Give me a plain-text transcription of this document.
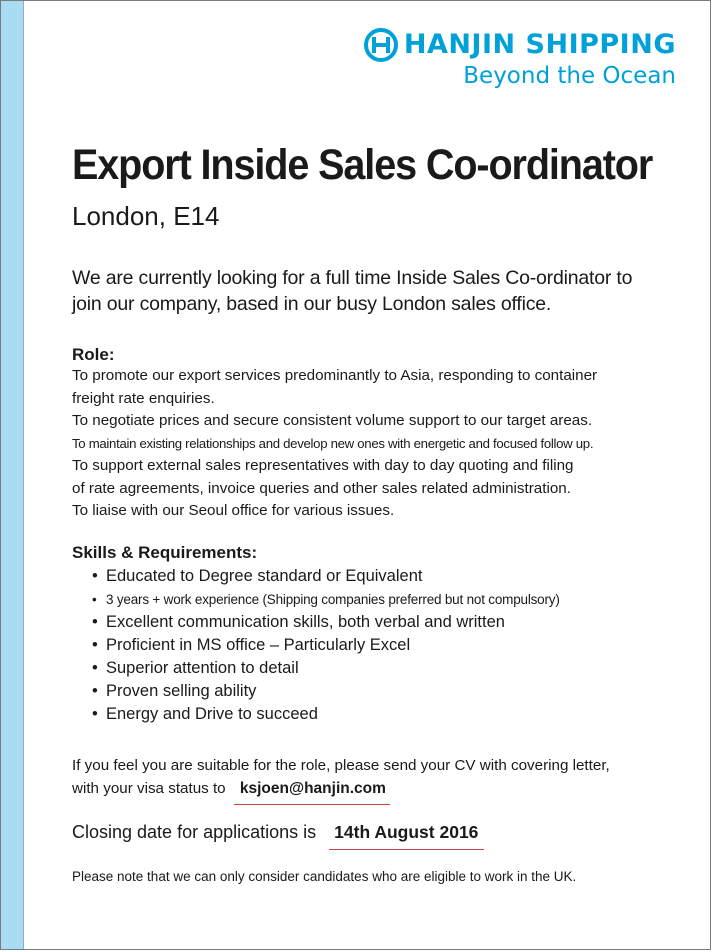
HANJIN SHIPPING
Beyond the Ocean
Export Inside Sales Co-ordinator
London, E14
We are currently looking for a full time Inside Sales Co-ordinator to
join our company, based in our busy London sales office.
Role:
To promote our export services predominantly to Asia, responding to container
freight rate enquiries.
To negotiate prices and secure consistent volume support to our target areas.
To maintain existing relationships and develop new ones with energetic and focused follow up.
To support external sales representatives with day to day quoting and filing
of rate agreements, invoice queries and other sales related administration.
To liaise with our Seoul office for various issues.
Skills & Requirements:
• Educated to Degree standard or Equivalent
• 3 years + work experience (Shipping companies preferred but not compulsory)
• Excellent communication skills, both verbal and written
• Proficient in MS office – Particularly Excel
• Superior attention to detail
• Proven selling ability
• Energy and Drive to succeed
If you feel you are suitable for the role, please send your CV with covering letter,
with your visa status to ksjoen@hanjin.com
Closing date for applications is 14th August 2016
Please note that we can only consider candidates who are eligible to work in the UK.
